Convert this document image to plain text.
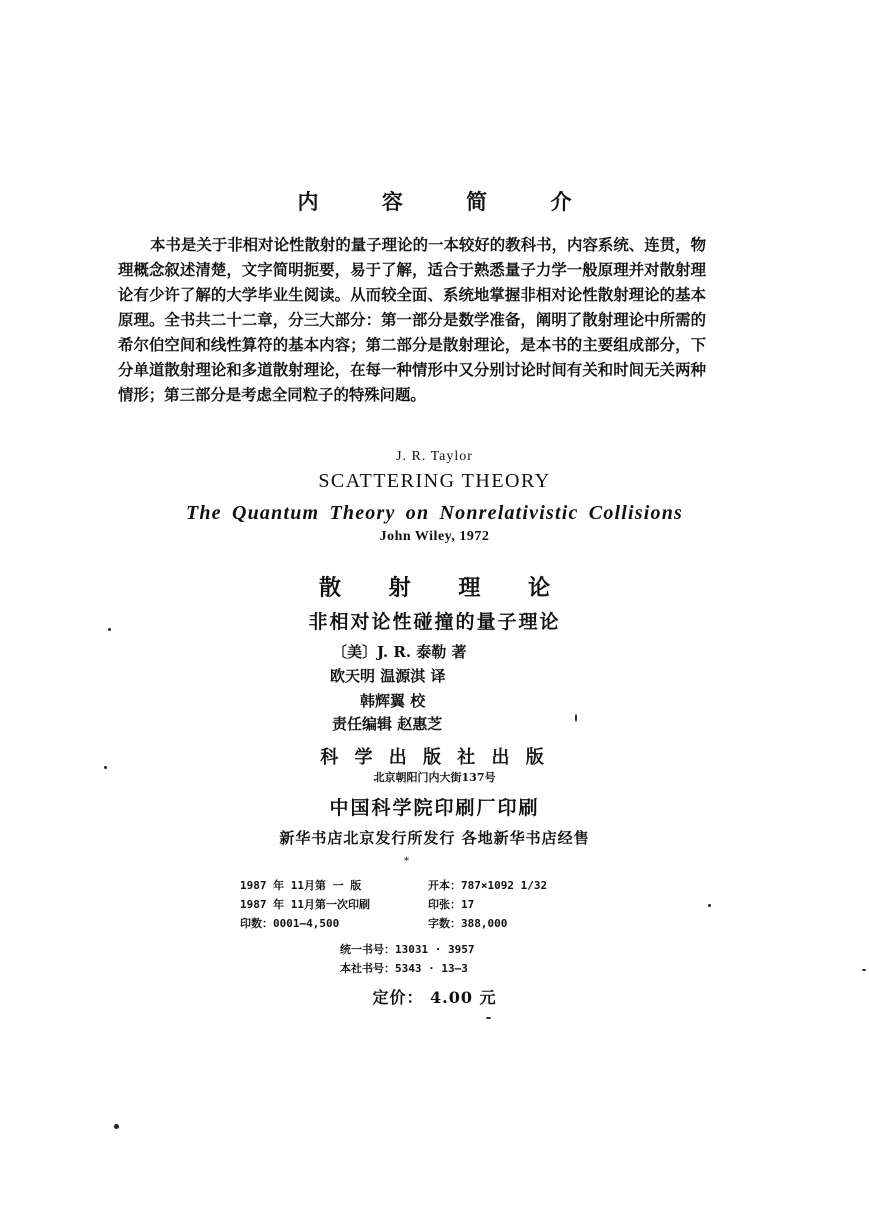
内 容 简 介
本书是关于非相对论性散射的量子理论的一本较好的教科书，内容系统、连贯，物理概念叙述清楚，文字简明扼要，易于了解，适合于熟悉量子力学一般原理并对散射理论有少许了解的大学毕业生阅读。从而较全面、系统地掌握非相对论性散射理论的基本原理。全书共二十二章，分三大部分：第一部分是数学准备，阐明了散射理论中所需的希尔伯空间和线性算符的基本内容；第二部分是散射理论，是本书的主要组成部分，下分单道散射理论和多道散射理论，在每一种情形中又分别讨论时间有关和时间无关两种情形；第三部分是考虑全同粒子的特殊问题。
J. R. Taylor
SCATTERING THEORY
The Quantum Theory on Nonrelativistic Collisions
John Wiley, 1972
散 射 理 论
非相对论性碰撞的量子理论
〔美〕J. R. 泰勒 著
欧天明 温源淇 译
韩辉翼 校
责任编辑 赵惠芝
科 学 出 版 社 出 版
北京朝阳门内大街137号
中国科学院印刷厂印刷
新华书店北京发行所发行 各地新华书店经售
*
1987 年 11月第 一 版
1987 年 11月第一次印刷
印数：0001—4,500
开本：787×1092 1/32
印张：17
字数：388,000
统一书号：13031 · 3957
本社书号：5343 · 13—3
定价： 4.00 元
